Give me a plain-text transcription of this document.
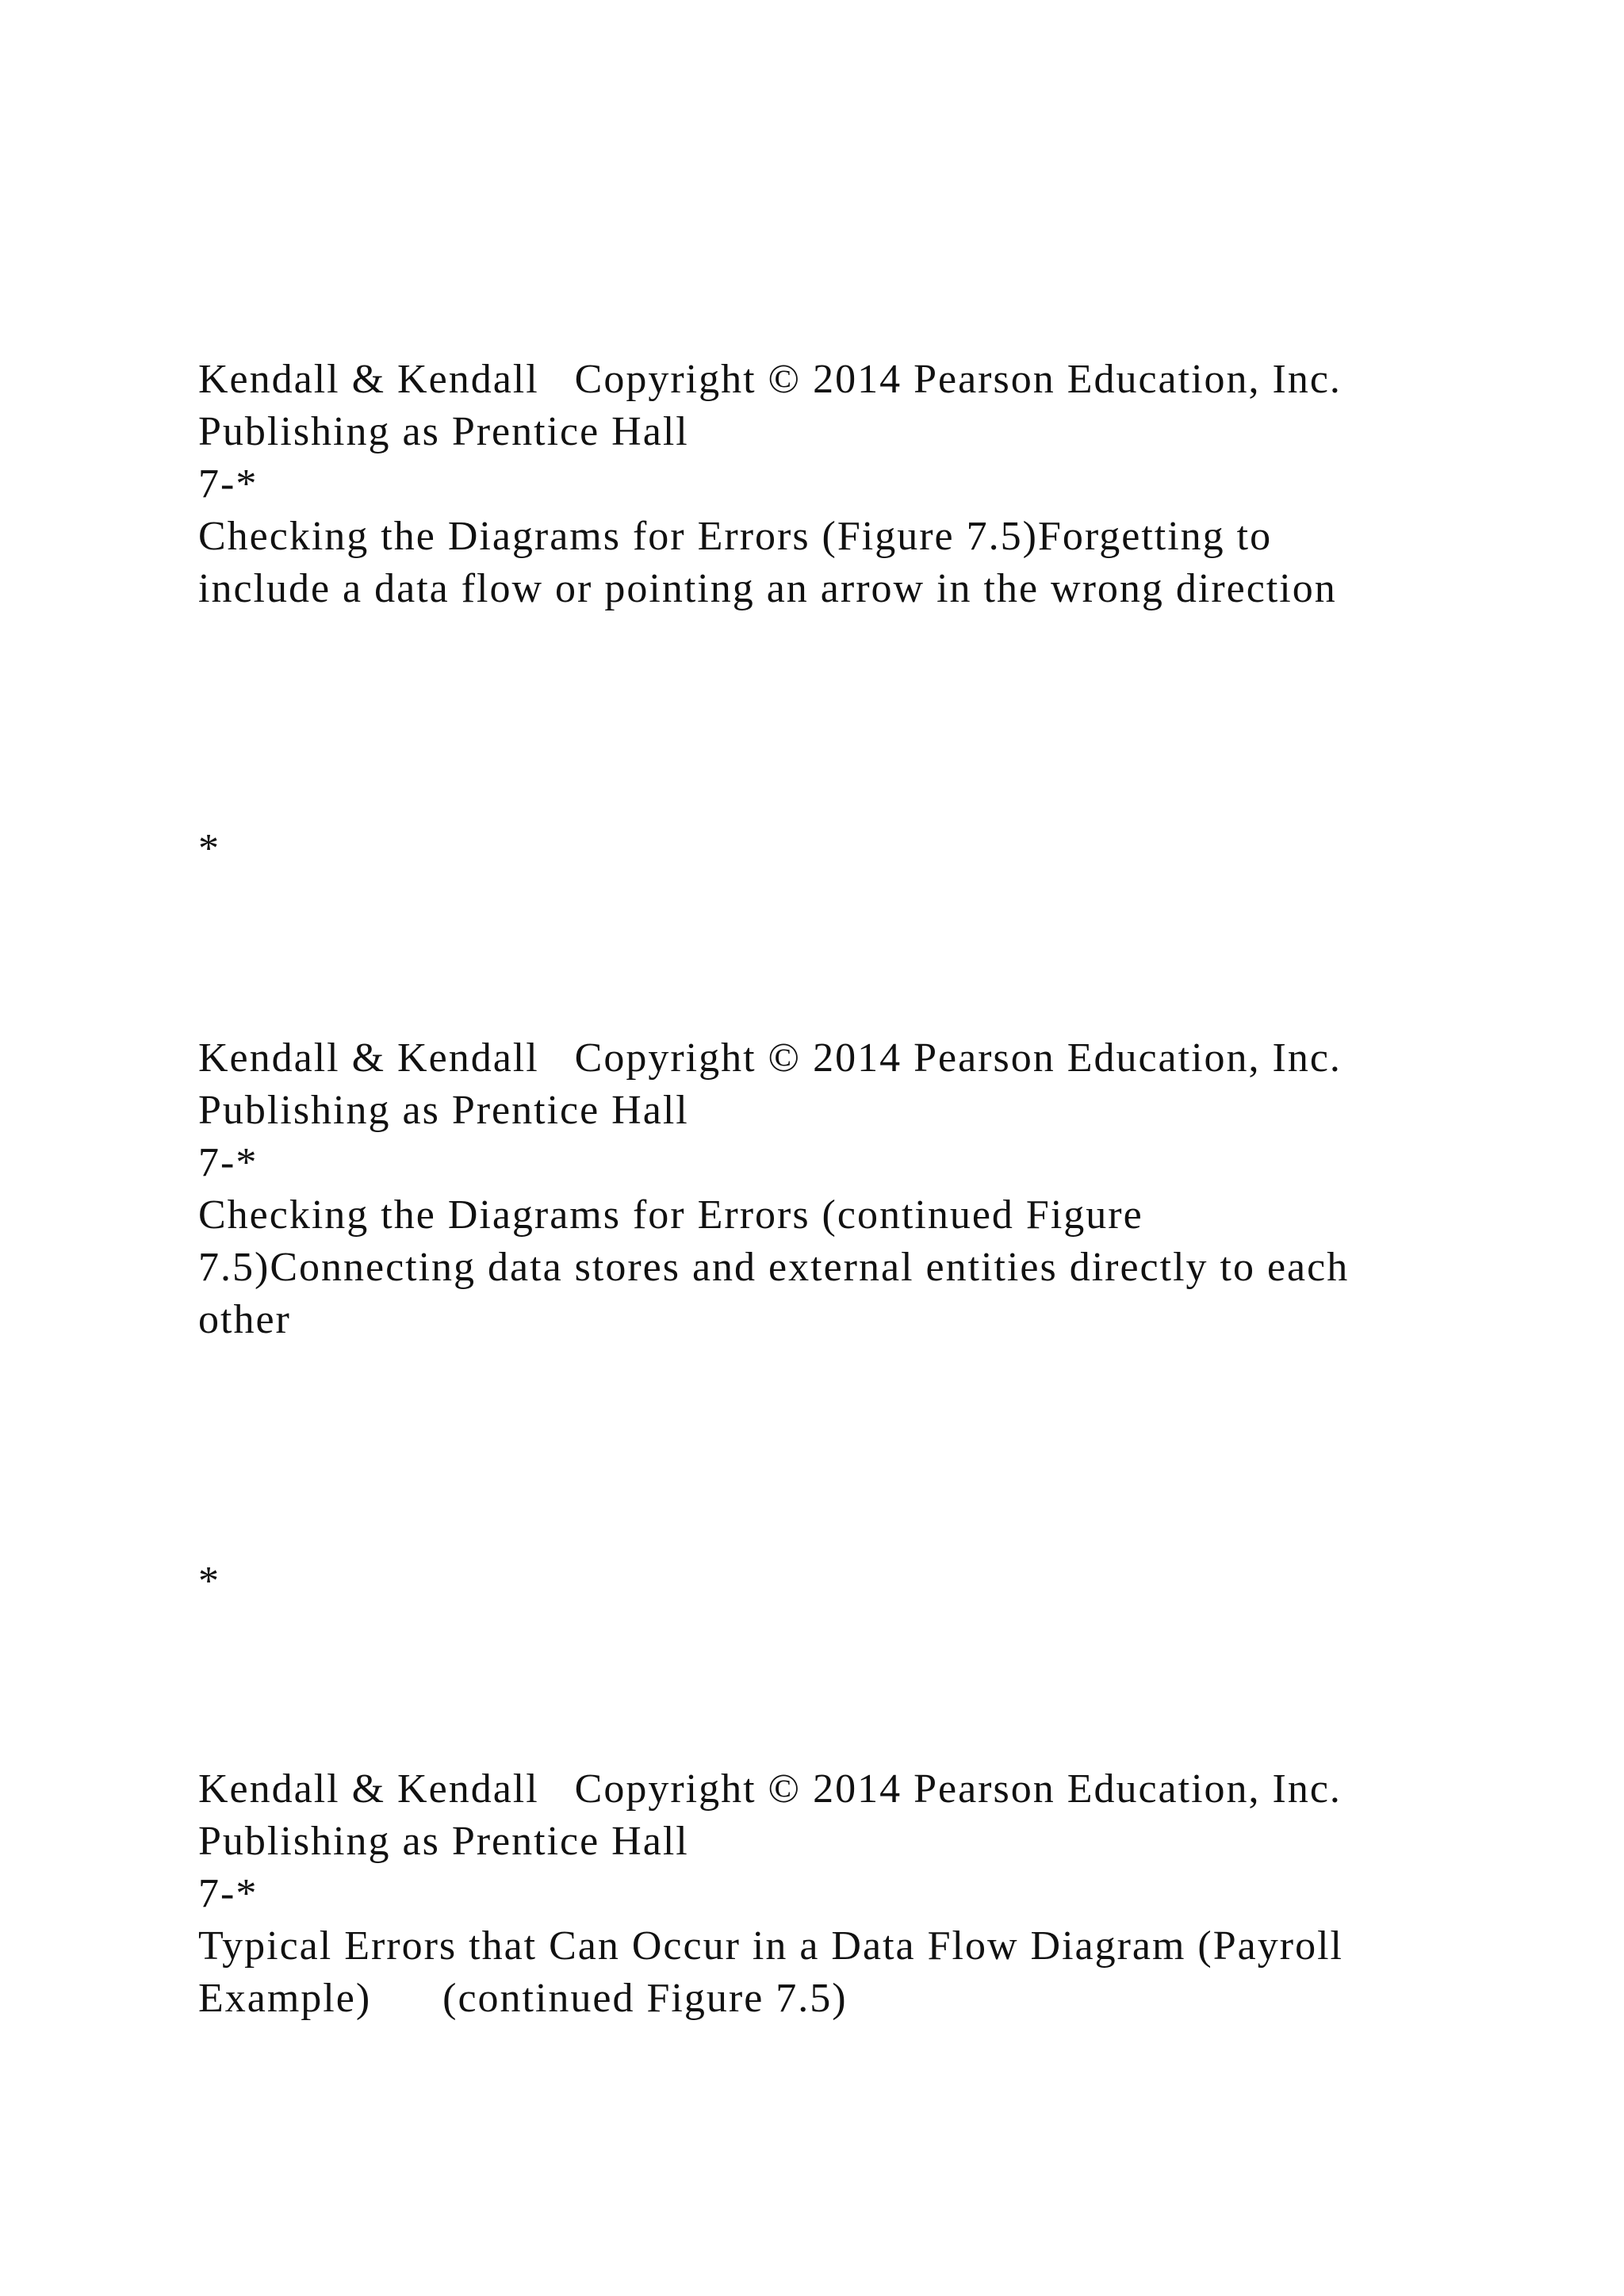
Kendall & Kendall   Copyright © 2014 Pearson Education, Inc.
Publishing as Prentice Hall
7-*
Checking the Diagrams for Errors (Figure 7.5)Forgetting to
include a data flow or pointing an arrow in the wrong direction
*
Kendall & Kendall   Copyright © 2014 Pearson Education, Inc.
Publishing as Prentice Hall
7-*
Checking the Diagrams for Errors (continued Figure
7.5)Connecting data stores and external entities directly to each
other
*
Kendall & Kendall   Copyright © 2014 Pearson Education, Inc.
Publishing as Prentice Hall
7-*
Typical Errors that Can Occur in a Data Flow Diagram (Payroll
Example)      (continued Figure 7.5)
